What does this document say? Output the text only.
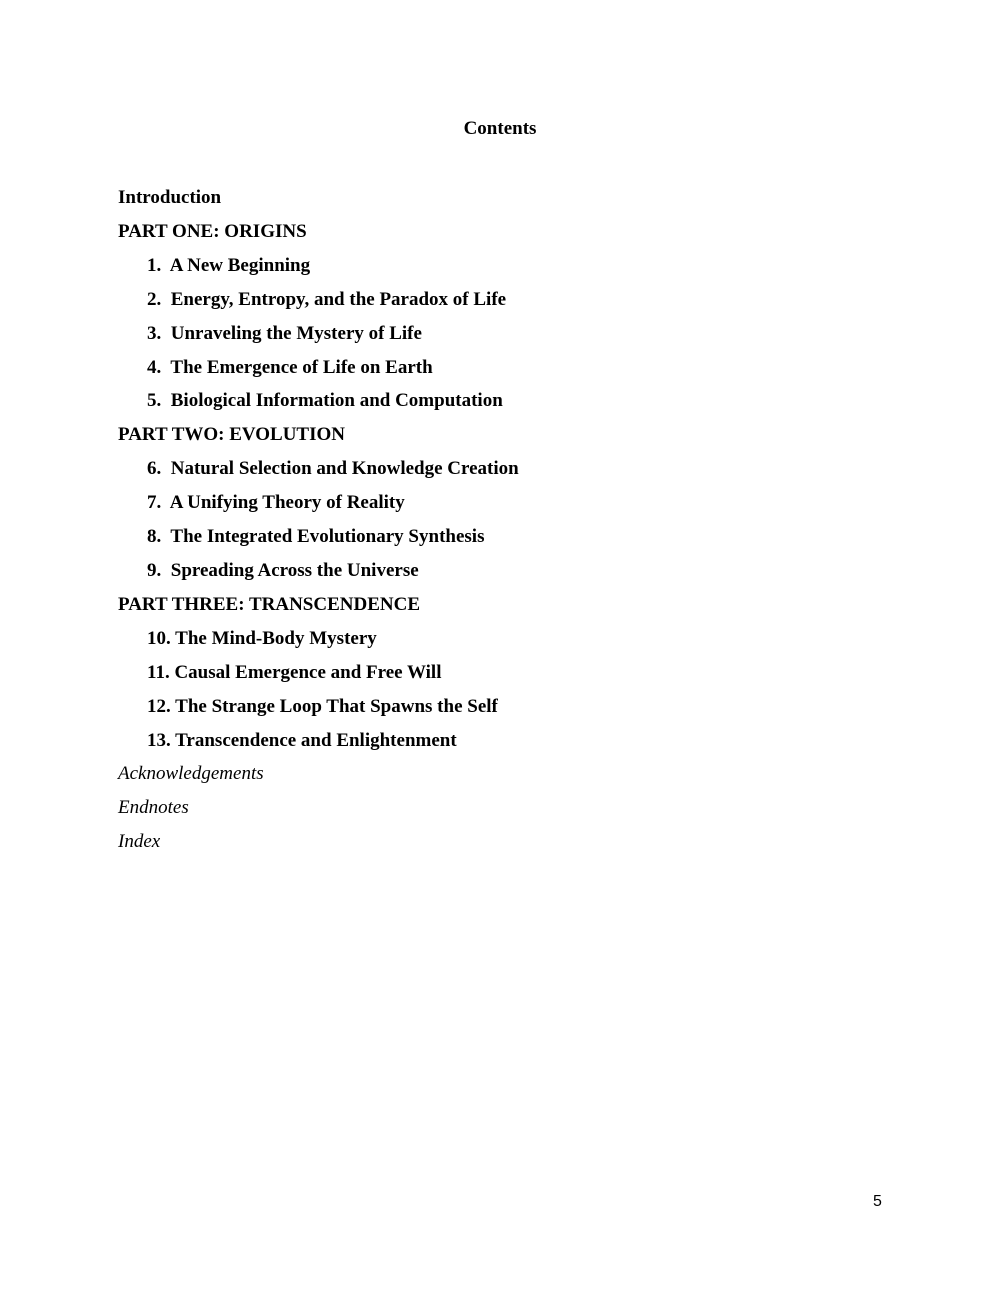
Contents
Introduction
PART ONE: ORIGINS
1.  A New Beginning
2.  Energy, Entropy, and the Paradox of Life
3.  Unraveling the Mystery of Life
4.  The Emergence of Life on Earth
5.  Biological Information and Computation
PART TWO: EVOLUTION
6.  Natural Selection and Knowledge Creation
7.  A Unifying Theory of Reality
8.  The Integrated Evolutionary Synthesis
9.  Spreading Across the Universe
PART THREE: TRANSCENDENCE
10. The Mind-Body Mystery
11. Causal Emergence and Free Will
12. The Strange Loop That Spawns the Self
13. Transcendence and Enlightenment
Acknowledgements
Endnotes
Index
5
